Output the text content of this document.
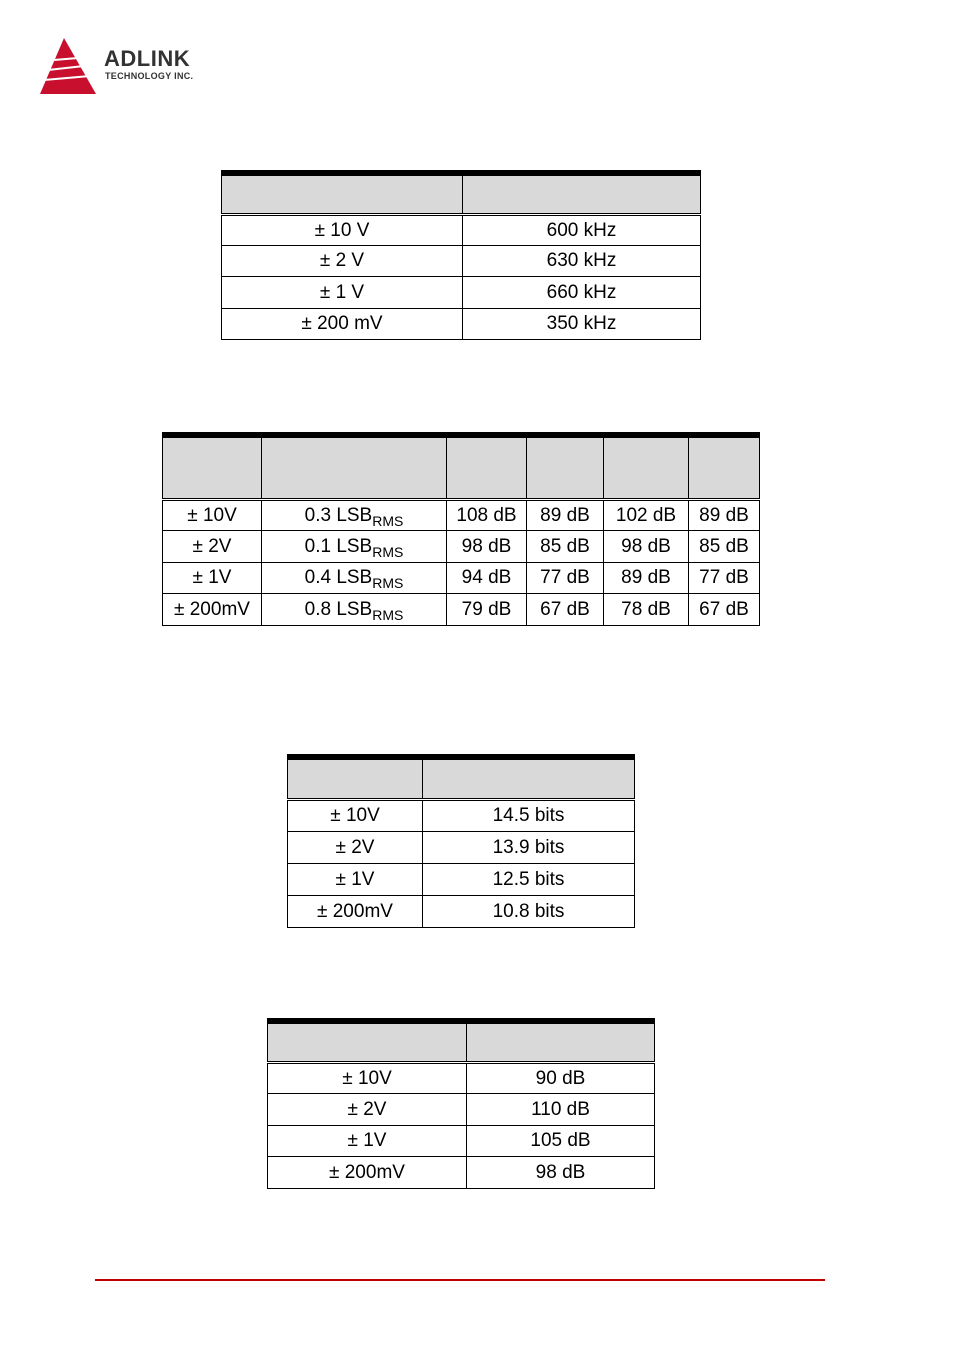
ADLINK
TECHNOLOGY INC.

± 10 V	600 kHz
± 2 V	630 kHz
± 1 V	660 kHz
± 200 mV	350 kHz

± 10V	0.3 $LSB_{RMS}$	108 dB	89 dB	102 dB	89 dB
± 2V	0.1 $LSB_{RMS}$	98 dB	85 dB	98 dB	85 dB
± 1V	0.4 $LSB_{RMS}$	94 dB	77 dB	89 dB	77 dB
± 200mV	0.8 $LSB_{RMS}$	79 dB	67 dB	78 dB	67 dB

± 10V	14.5 bits
± 2V	13.9 bits
± 1V	12.5 bits
± 200mV	10.8 bits

± 10V	90 dB
± 2V	110 dB
± 1V	105 dB
± 200mV	98 dB
